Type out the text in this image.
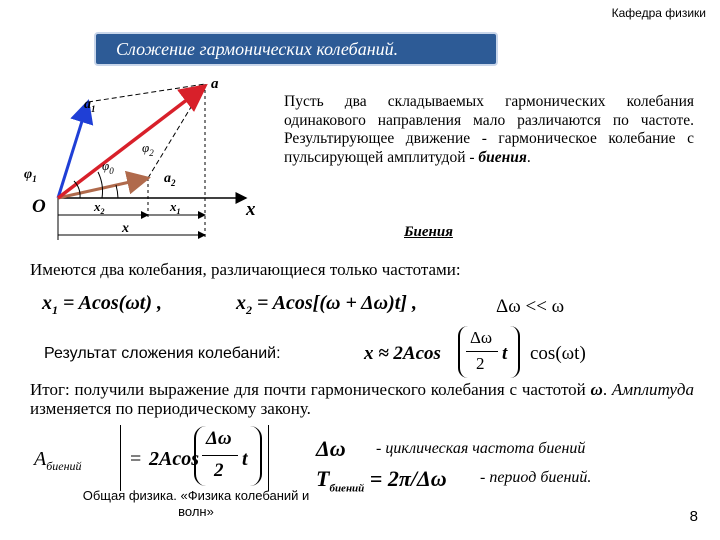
Кафедра физики
Сложение гармонических колебаний.
a
$a_1$
$a_2$
$\varphi_1$
$\varphi_2$
$\varphi_0$
O	x
$x_2$	$x_1$
x
Пусть два складываемых гармонических колебания одинакового направления мало различаются по частоте. Результирующее движение - гармоническое колебание с пульсирующей амплитудой - биения.
Биения
Имеются два колебания, различающиеся только частотами:
$x_1 = Acos(\omega t)$ ,	$x_2 = Acos[(\omega + \Delta\omega)t]$ ,	Δω << ω
Результат сложения колебаний:	x ≈ 2Acos
Δω
2 t cos(ωt)
Итог: получили выражение для почти гармонического колебания с частотой ω. Амплитуда изменяется по периодическому закону.
$A_{биений} = 2Acos$
Δω
2
t	Δω - циклическая частота биений
$T_{биений} = 2\pi/\Delta\omega$ - период биений.
Общая физика. «Физика колебаний и
волн»	8
